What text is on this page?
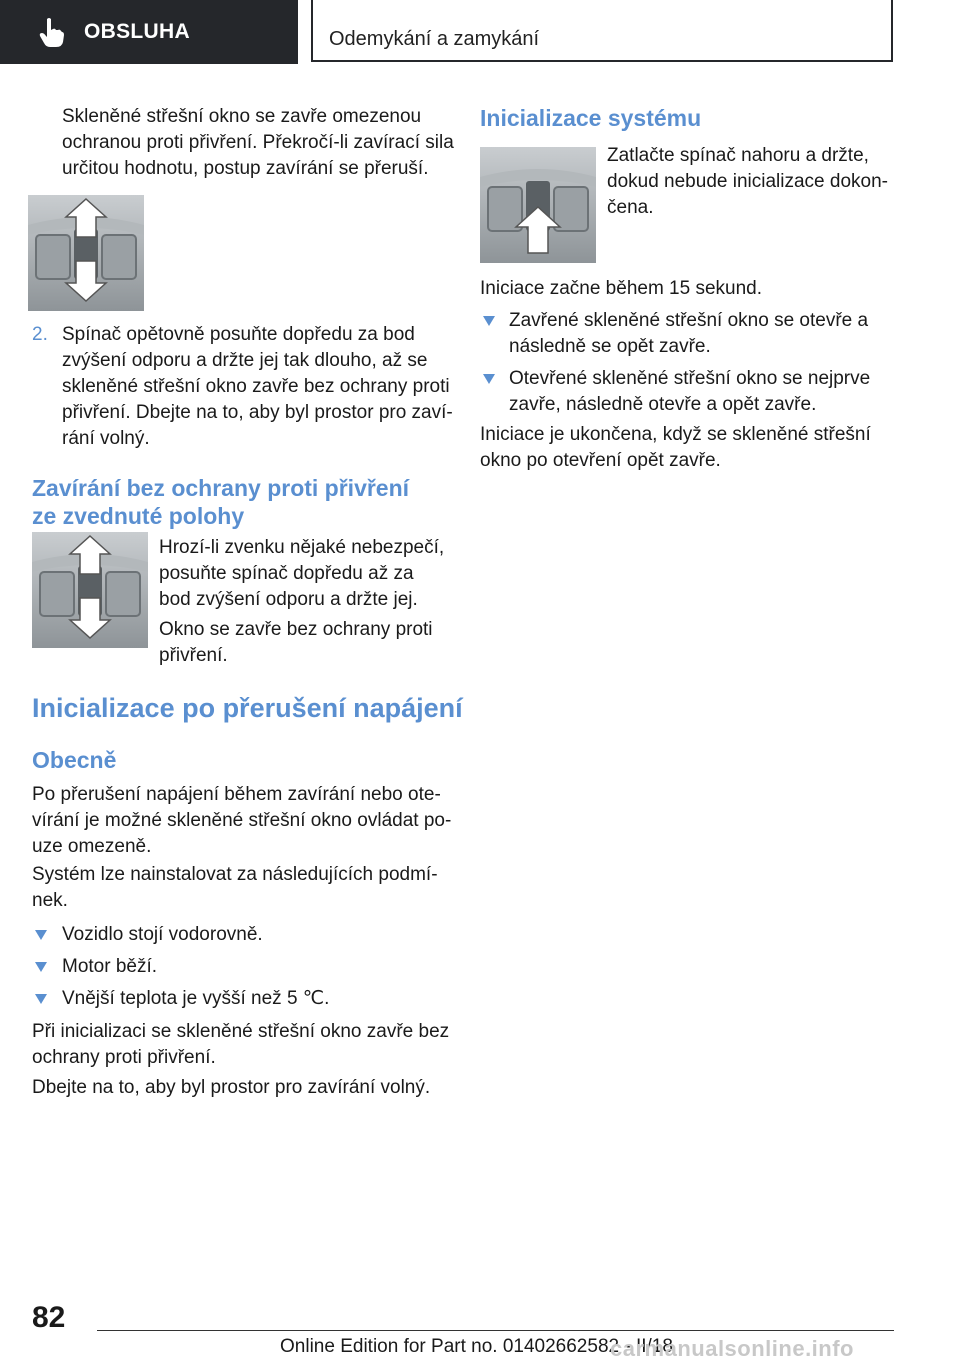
OBSLUHA	Odemykání a zamykání
Skleněné střešní okno se zavře omezenou
ochranou proti přivření. Překročí-li zavírací sila
určitou hodnotu, postup zavírání se přeruší.
2. Spínač opětovně posuňte dopředu za bod
zvýšení odporu a držte jej tak dlouho, až se
skleněné střešní okno zavře bez ochrany proti
přivření. Dbejte na to, aby byl prostor pro zaví‐
rání volný.
Zavírání bez ochrany proti přivření
ze zvednuté polohy
Hrozí-li zvenku nějaké nebezpečí,
posuňte spínač dopředu až za
bod zvýšení odporu a držte jej.
Okno se zavře bez ochrany proti
přivření.
Inicializace po přerušení napájení
Obecně
Po přerušení napájení během zavírání nebo ote‐
vírání je možné skleněné střešní okno ovládat po‐
uze omezeně.
Systém lze nainstalovat za následujících podmí‐
nek.
Vozidlo stojí vodorovně.
Motor běží.
Vnější teplota je vyšší než 5 ℃.
Při inicializaci se skleněné střešní okno zavře bez
ochrany proti přivření.
Dbejte na to, aby byl prostor pro zavírání volný.
Inicializace systému
Zatlačte spínač nahoru a držte,
dokud nebude inicializace dokon‐
čena.
Iniciace začne během 15 sekund.
Zavřené skleněné střešní okno se otevře a
následně se opět zavře.
Otevřené skleněné střešní okno se nejprve
zavře, následně otevře a opět zavře.
Iniciace je ukončena, když se skleněné střešní
okno po otevření opět zavře.
82
Online Edition for Part no. 01402662582 - II/18
carmanualsonline.info
